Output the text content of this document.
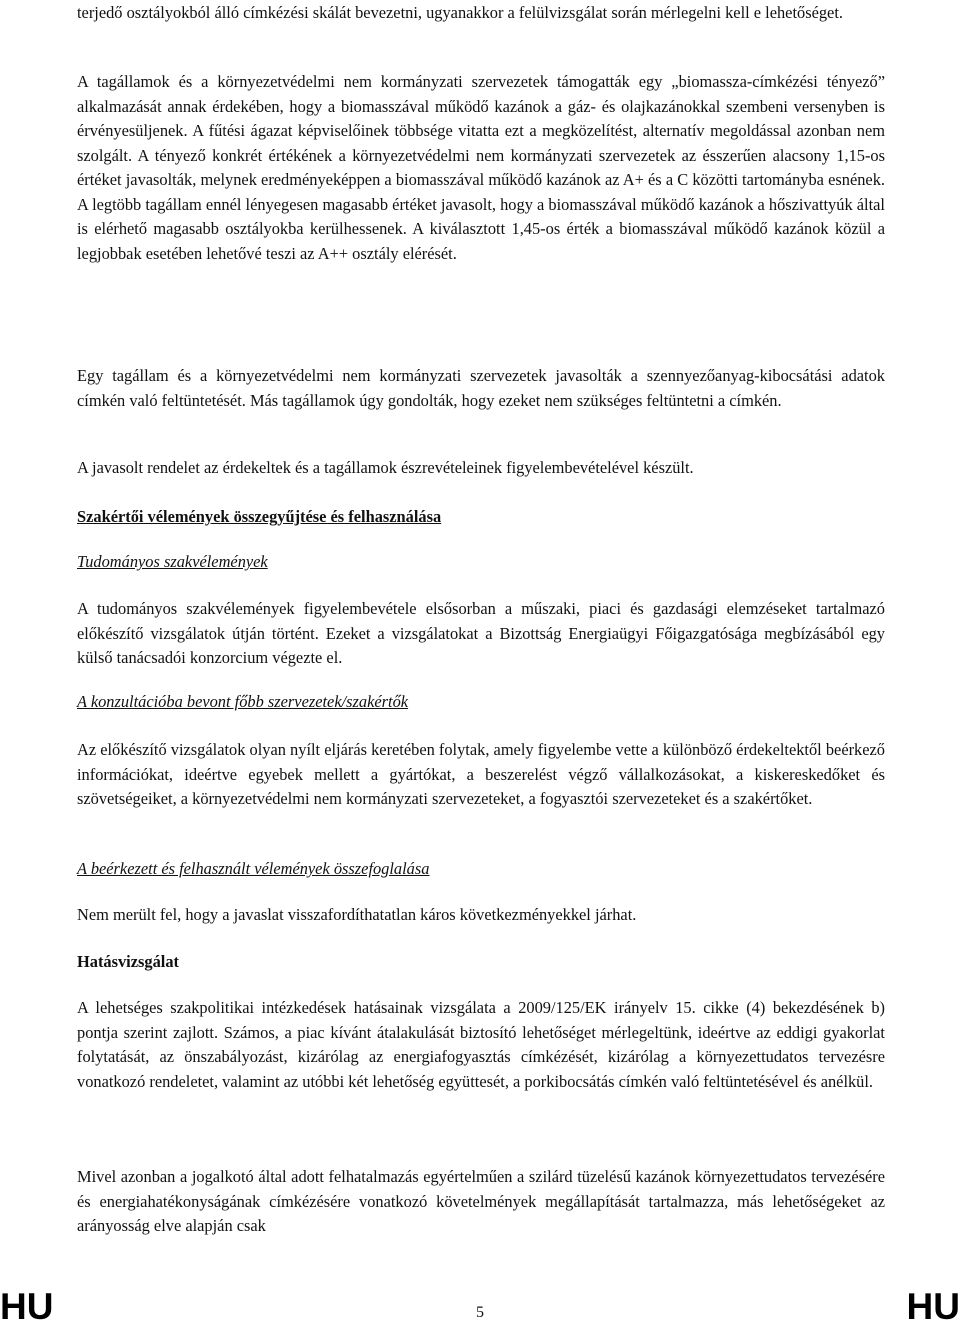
terjedő osztályokból álló címkézési skálát bevezetni, ugyanakkor a felülvizsgálat során mérlegelni kell e lehetőséget.

A tagállamok és a környezetvédelmi nem kormányzati szervezetek támogatták egy „biomassza-címkézési tényező” alkalmazását annak érdekében, hogy a biomasszával működő kazánok a gáz- és olajkazánokkal szembeni versenyben is érvényesüljenek. A fűtési ágazat képviselőinek többsége vitatta ezt a megközelítést, alternatív megoldással azonban nem szolgált. A tényező konkrét értékének a környezetvédelmi nem kormányzati szervezetek az ésszerűen alacsony 1,15-os értéket javasolták, melynek eredményeképpen a biomasszával működő kazánok az A+ és a C közötti tartományba esnének. A legtöbb tagállam ennél lényegesen magasabb értéket javasolt, hogy a biomasszával működő kazánok a hőszivattyúk által is elérhető magasabb osztályokba kerülhessenek. A kiválasztott 1,45-os érték a biomasszával működő kazánok közül a legjobbak esetében lehetővé teszi az A++ osztály elérését.

Egy tagállam és a környezetvédelmi nem kormányzati szervezetek javasolták a szennyezőanyag-kibocsátási adatok címkén való feltüntetését. Más tagállamok úgy gondolták, hogy ezeket nem szükséges feltüntetni a címkén.

A javasolt rendelet az érdekeltek és a tagállamok észrevételeinek figyelembevételével készült.

Szakértői vélemények összegyűjtése és felhasználása

Tudományos szakvélemények

A tudományos szakvélemények figyelembevétele elsősorban a műszaki, piaci és gazdasági elemzéseket tartalmazó előkészítő vizsgálatok útján történt. Ezeket a vizsgálatokat a Bizottság Energiaügyi Főigazgatósága megbízásából egy külső tanácsadói konzorcium végezte el.

A konzultációba bevont főbb szervezetek/szakértők

Az előkészítő vizsgálatok olyan nyílt eljárás keretében folytak, amely figyelembe vette a különböző érdekeltektől beérkező információkat, ideértve egyebek mellett a gyártókat, a beszerelést végző vállalkozásokat, a kiskereskedőket és szövetségeiket, a környezetvédelmi nem kormányzati szervezeteket, a fogyasztói szervezeteket és a szakértőket.

A beérkezett és felhasznált vélemények összefoglalása

Nem merült fel, hogy a javaslat visszafordíthatatlan káros következményekkel járhat.

Hatásvizsgálat

A lehetséges szakpolitikai intézkedések hatásainak vizsgálata a 2009/125/EK irányelv 15. cikke (4) bekezdésének b) pontja szerint zajlott. Számos, a piac kívánt átalakulását biztosító lehetőséget mérlegeltünk, ideértve az eddigi gyakorlat folytatását, az önszabályozást, kizárólag az energiafogyasztás címkézését, kizárólag a környezettudatos tervezésre vonatkozó rendeletet, valamint az utóbbi két lehetőség együttesét, a porkibocsátás címkén való feltüntetésével és anélkül.

Mivel azonban a jogalkotó által adott felhatalmazás egyértelműen a szilárd tüzelésű kazánok környezettudatos tervezésére és energiahatékonyságának címkézésére vonatkozó követelmények megállapítását tartalmazza, más lehetőségeket az arányosság elve alapján csak

HU	5	HU
